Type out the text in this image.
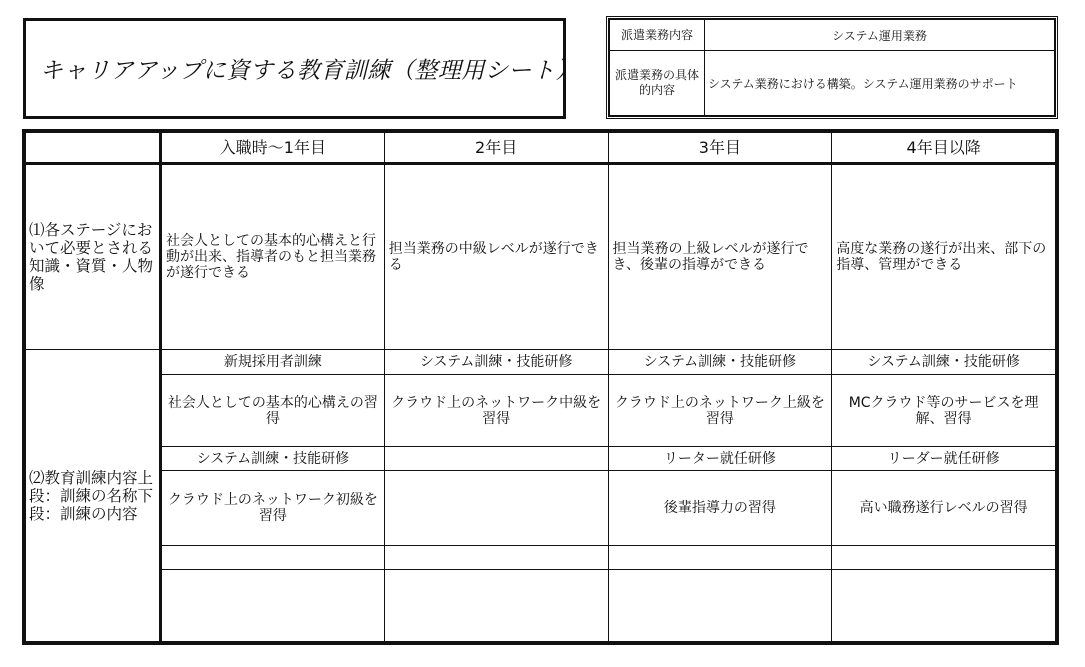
キャリアアップに資する教育訓練（整理用シート）
派遣業務内容	システム運用業務
派遣業務の具体的内容	システム業務における構築。システム運用業務のサポート
	入職時～1年目	2年目	3年目	4年目以降
⑴各ステージにおいて必要とされる知識・資質・人物像	社会人としての基本的心構えと行動が出来、指導者のもと担当業務が遂行できる	担当業務の中級レベルが遂行できる	担当業務の上級レベルが遂行でき、後輩の指導ができる	高度な業務の遂行が出来、部下の指導、管理ができる
⑵教育訓練内容上段：訓練の名称下段：訓練の内容	新規採用者訓練	システム訓練・技能研修	システム訓練・技能研修	システム訓練・技能研修
	社会人としての基本的心構えの習得	クラウド上のネットワーク中級を習得	クラウド上のネットワーク上級を習得	MCクラウド等のサービスを理解、習得
	システム訓練・技能研修		リーター就任研修	リーダー就任研修
	クラウド上のネットワーク初級を習得		後輩指導力の習得	高い職務遂行レベルの習得
